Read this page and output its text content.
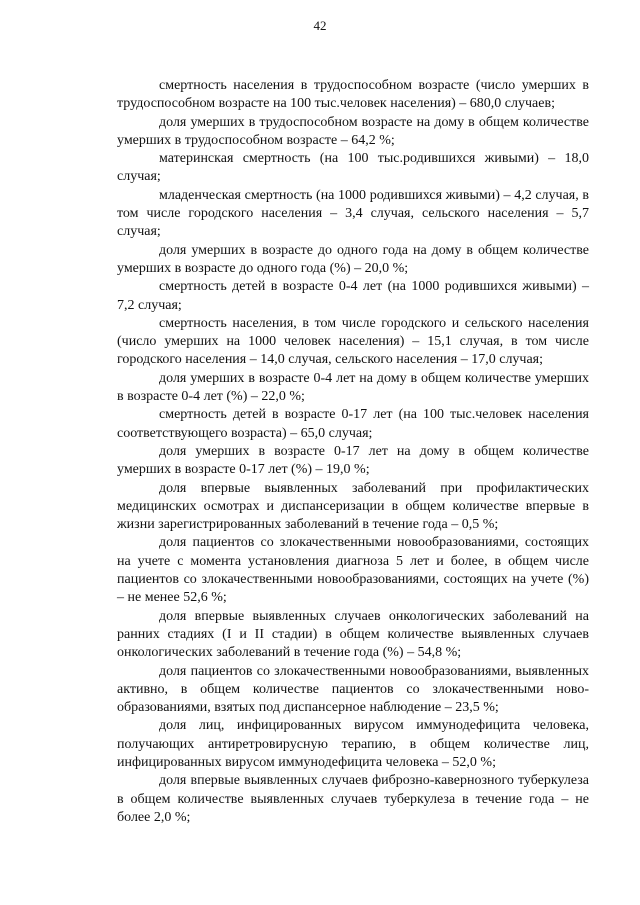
42

смертность населения в трудоспособном возрасте (число умерших в трудоспособном возрасте на 100 тыс.человек населения) – 680,0 случаев;

доля умерших в трудоспособном возрасте на дому в общем количестве умерших в трудоспособном возрасте – 64,2 %;

материнская смертность (на 100 тыс.родившихся живыми) – 18,0 случая;

младенческая смертность (на 1000 родившихся живыми) – 4,2 случая, в том числе городского населения – 3,4 случая, сельского населения – 5,7 случая;

доля умерших в возрасте до одного года на дому в общем количестве умерших в возрасте до одного года (%) – 20,0 %;

смертность детей в возрасте 0-4 лет (на 1000 родившихся живыми) – 7,2 случая;

смертность населения, в том числе городского и сельского населения (число умерших на 1000 человек населения) – 15,1 случая, в том числе городского населения – 14,0 случая, сельского населения – 17,0 случая;

доля умерших в возрасте 0-4 лет на дому в общем количестве умерших в возрасте 0-4 лет (%) – 22,0 %;

смертность детей в возрасте 0-17 лет (на 100 тыс.человек населения соответствующего возраста) – 65,0 случая;

доля умерших в возрасте 0-17 лет на дому в общем количестве умерших в возрасте 0-17 лет (%) – 19,0 %;

доля впервые выявленных заболеваний при профилактических медицинских осмотрах и диспансеризации в общем количестве впервые в жизни зарегистрированных заболеваний в течение года – 0,5 %;

доля пациентов со злокачественными новообразованиями, состоящих на учете с момента установления диагноза 5 лет и более, в общем числе пациентов со злокачественными новообразованиями, состоящих на учете (%) – не менее 52,6 %;

доля впервые выявленных случаев онкологических заболеваний на ранних стадиях (I и II стадии) в общем количестве выявленных случаев онкологических заболеваний в течение года (%) – 54,8 %;

доля пациентов со злокачественными новообразованиями, выявленных активно, в общем количестве пациентов со злокачественными ново-образованиями, взятых под диспансерное наблюдение – 23,5 %;

доля лиц, инфицированных вирусом иммунодефицита человека, получающих антиретровирусную терапию, в общем количестве лиц, инфицированных вирусом иммунодефицита человека – 52,0 %;

доля впервые выявленных случаев фиброзно-кавернозного туберкулеза в общем количестве выявленных случаев туберкулеза в течение года – не более 2,0 %;
